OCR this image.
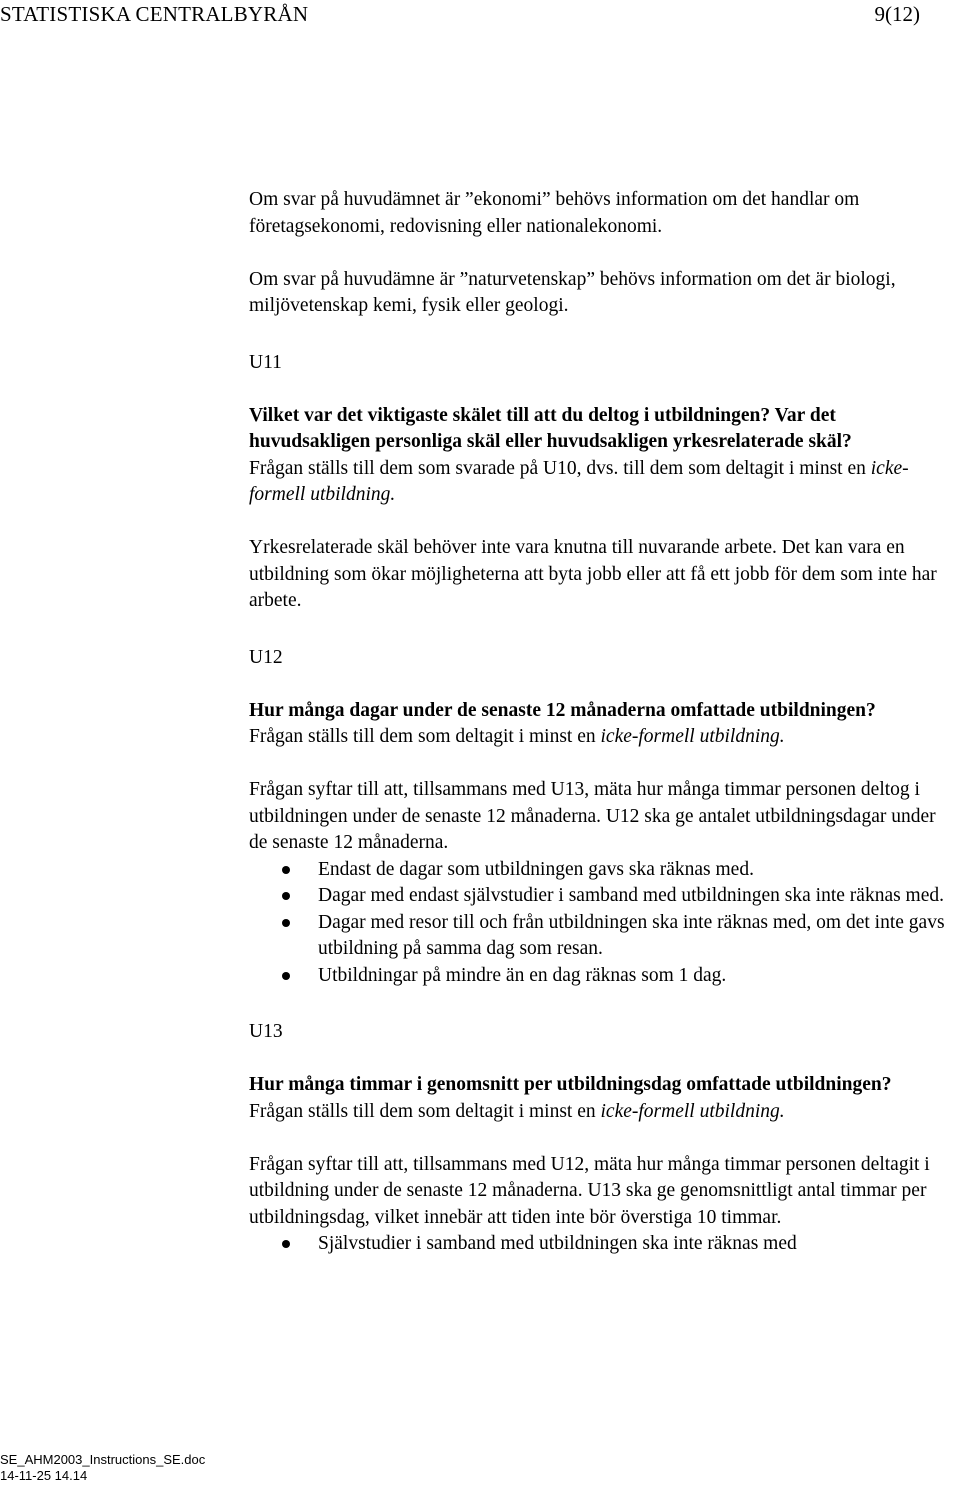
STATISTISKA CENTRALBYRÅN	9(12)

Om svar på huvudämnet är ”ekonomi” behövs information om det handlar om företagsekonomi, redovisning eller nationalekonomi.

Om svar på huvudämne är ”naturvetenskap” behövs information om det är biologi, miljövetenskap kemi, fysik eller geologi.

U11

Vilket var det viktigaste skälet till att du deltog i utbildningen? Var det huvudsakligen personliga skäl eller huvudsakligen yrkesrelaterade skäl?

Frågan ställs till dem som svarade på U10, dvs. till dem som deltagit i minst en icke-formell utbildning.

Yrkesrelaterade skäl behöver inte vara knutna till nuvarande arbete. Det kan vara en utbildning som ökar möjligheterna att byta jobb eller att få ett jobb för dem som inte har arbete.

U12

Hur många dagar under de senaste 12 månaderna omfattade utbildningen?

Frågan ställs till dem som deltagit i minst en icke-formell utbildning.

Frågan syftar till att, tillsammans med U13, mäta hur många timmar personen deltog i utbildningen under de senaste 12 månaderna. U12 ska ge antalet utbildningsdagar under de senaste 12 månaderna.

Endast de dagar som utbildningen gavs ska räknas med.
Dagar med endast självstudier i samband med utbildningen ska inte räknas med.
Dagar med resor till och från utbildningen ska inte räknas med, om det inte gavs utbildning på samma dag som resan.
Utbildningar på mindre än en dag räknas som 1 dag.

U13

Hur många timmar i genomsnitt per utbildningsdag omfattade utbildningen?

Frågan ställs till dem som deltagit i minst en icke-formell utbildning.

Frågan syftar till att, tillsammans med U12, mäta hur många timmar personen deltagit i utbildning under de senaste 12 månaderna. U13 ska ge genomsnittligt antal timmar per utbildningsdag, vilket innebär att tiden inte bör överstiga 10 timmar.

Självstudier i samband med utbildningen ska inte räknas med
SE_AHM2003_Instructions_SE.doc
14-11-25 14.14
